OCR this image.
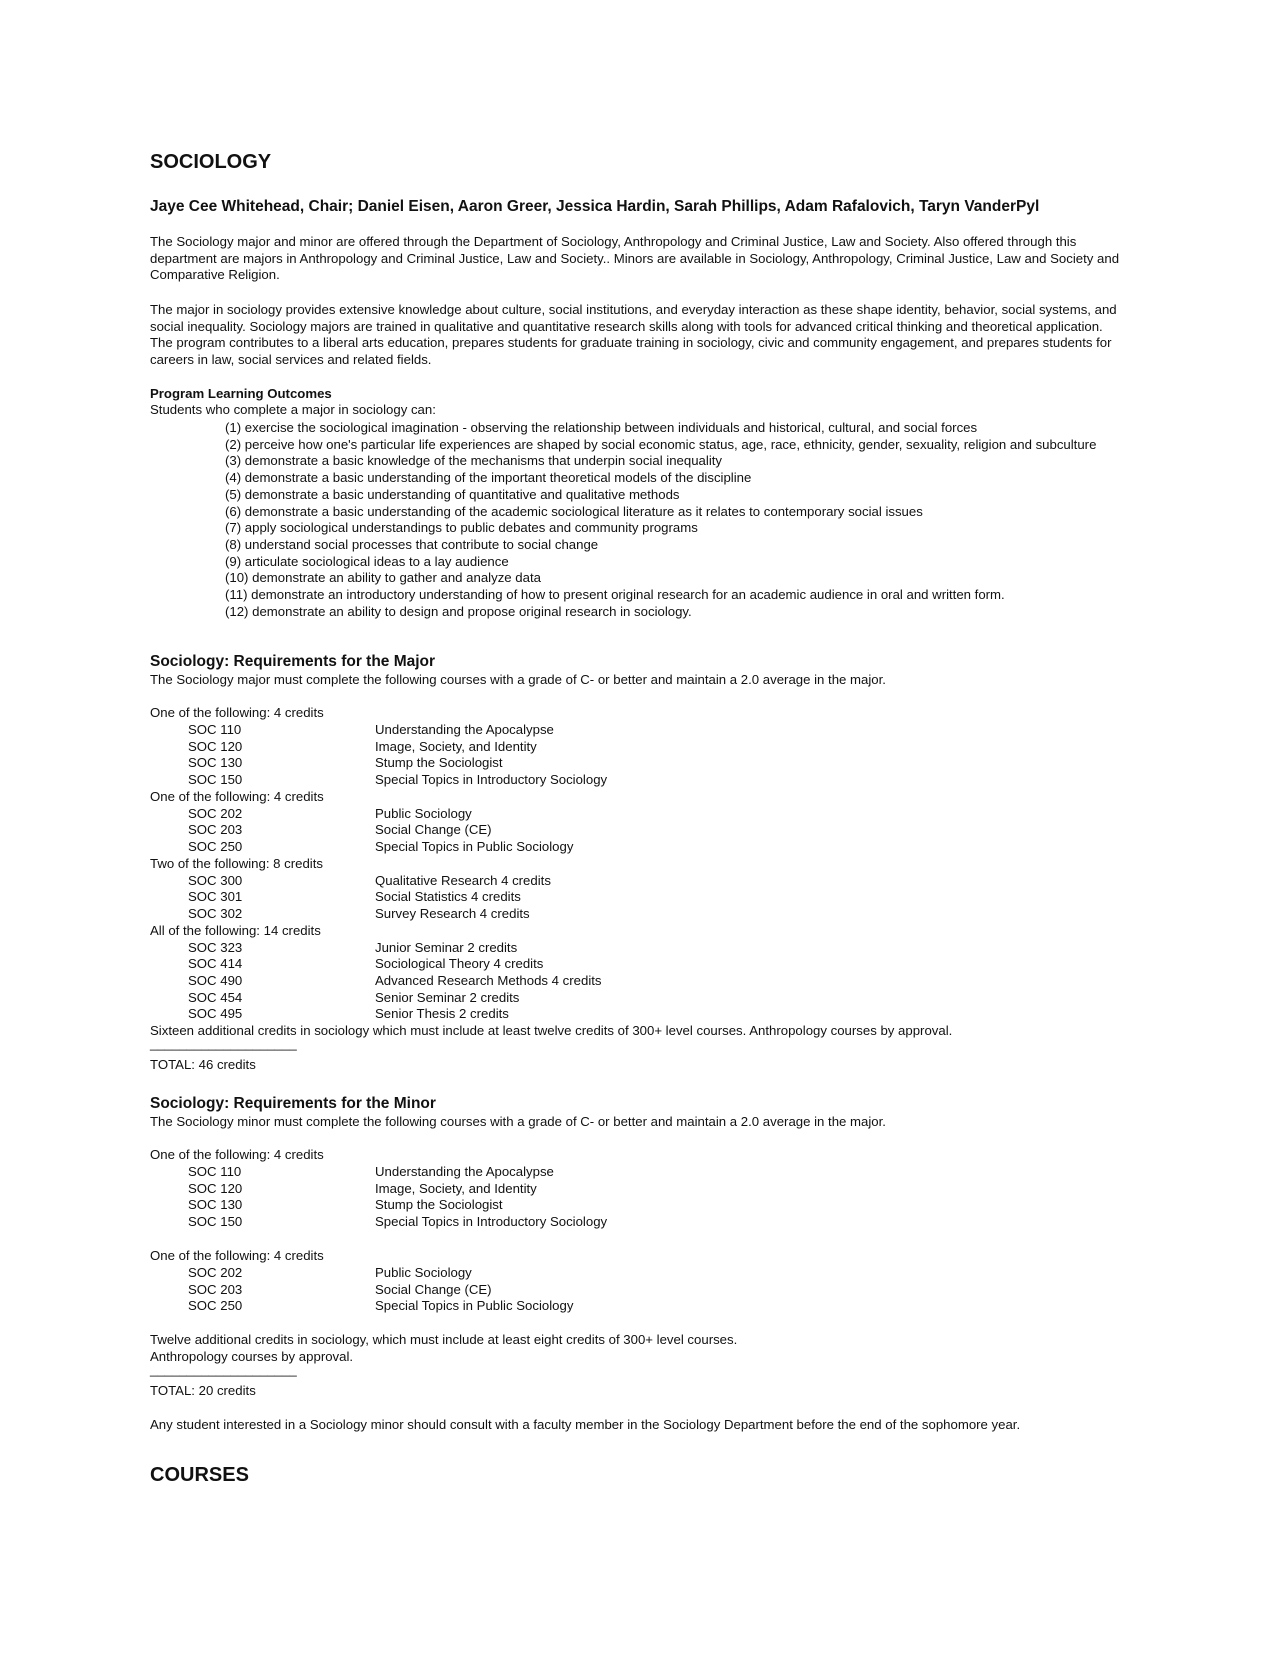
SOCIOLOGY
Jaye Cee Whitehead, Chair; Daniel Eisen, Aaron Greer, Jessica Hardin, Sarah Phillips, Adam Rafalovich, Taryn VanderPyl
The Sociology major and minor are offered through the Department of Sociology, Anthropology and Criminal Justice, Law and Society. Also offered through this department are majors in Anthropology and Criminal Justice, Law and Society.. Minors are available in Sociology, Anthropology, Criminal Justice, Law and Society and Comparative Religion.
The major in sociology provides extensive knowledge about culture, social institutions, and everyday interaction as these shape identity, behavior, social systems, and social inequality. Sociology majors are trained in qualitative and quantitative research skills along with tools for advanced critical thinking and theoretical application. The program contributes to a liberal arts education, prepares students for graduate training in sociology, civic and community engagement, and prepares students for careers in law, social services and related fields.
Program Learning Outcomes
Students who complete a major in sociology can:
(1) exercise the sociological imagination - observing the relationship between individuals and historical, cultural, and social forces
(2) perceive how one's particular life experiences are shaped by social economic status, age, race, ethnicity, gender, sexuality, religion and subculture
(3) demonstrate a basic knowledge of the mechanisms that underpin social inequality
(4) demonstrate a basic understanding of the important theoretical models of the discipline
(5) demonstrate a basic understanding of quantitative and qualitative methods
(6) demonstrate a basic understanding of the academic sociological literature as it relates to contemporary social issues
(7) apply sociological understandings to public debates and community programs
(8) understand social processes that contribute to social change
(9) articulate sociological ideas to a lay audience
(10) demonstrate an ability to gather and analyze data
(11) demonstrate an introductory understanding of how to present original research for an academic audience in oral and written form.
(12) demonstrate an ability to design and propose original research in sociology.
Sociology: Requirements for the Major
The Sociology major must complete the following courses with a grade of C- or better and maintain a 2.0 average in the major.
One of the following: 4 credits
SOC 110	Understanding the Apocalypse
SOC 120	Image, Society, and Identity
SOC 130	Stump the Sociologist
SOC 150	Special Topics in Introductory Sociology
One of the following: 4 credits
SOC 202	Public Sociology
SOC 203	Social Change (CE)
SOC 250	Special Topics in Public Sociology
Two of the following: 8 credits
SOC 300	Qualitative Research 4 credits
SOC 301	Social Statistics 4 credits
SOC 302	Survey Research 4 credits
All of the following: 14 credits
SOC 323	Junior Seminar 2 credits
SOC 414	Sociological Theory 4 credits
SOC 490	Advanced Research Methods 4 credits
SOC 454	Senior Seminar 2 credits
SOC 495	Senior Thesis 2 credits
Sixteen additional credits in sociology which must include at least twelve credits of 300+ level courses. Anthropology courses by approval.
____________________
TOTAL: 46 credits
Sociology: Requirements for the Minor
The Sociology minor must complete the following courses with a grade of C- or better and maintain a 2.0 average in the major.
One of the following: 4 credits
SOC 110	Understanding the Apocalypse
SOC 120	Image, Society, and Identity
SOC 130	Stump the Sociologist
SOC 150	Special Topics in Introductory Sociology
One of the following: 4 credits
SOC 202	Public Sociology
SOC 203	Social Change (CE)
SOC 250	Special Topics in Public Sociology
Twelve additional credits in sociology, which must include at least eight credits of 300+ level courses.
Anthropology courses by approval.
____________________
TOTAL: 20 credits
Any student interested in a Sociology minor should consult with a faculty member in the Sociology Department before the end of the sophomore year.
COURSES
